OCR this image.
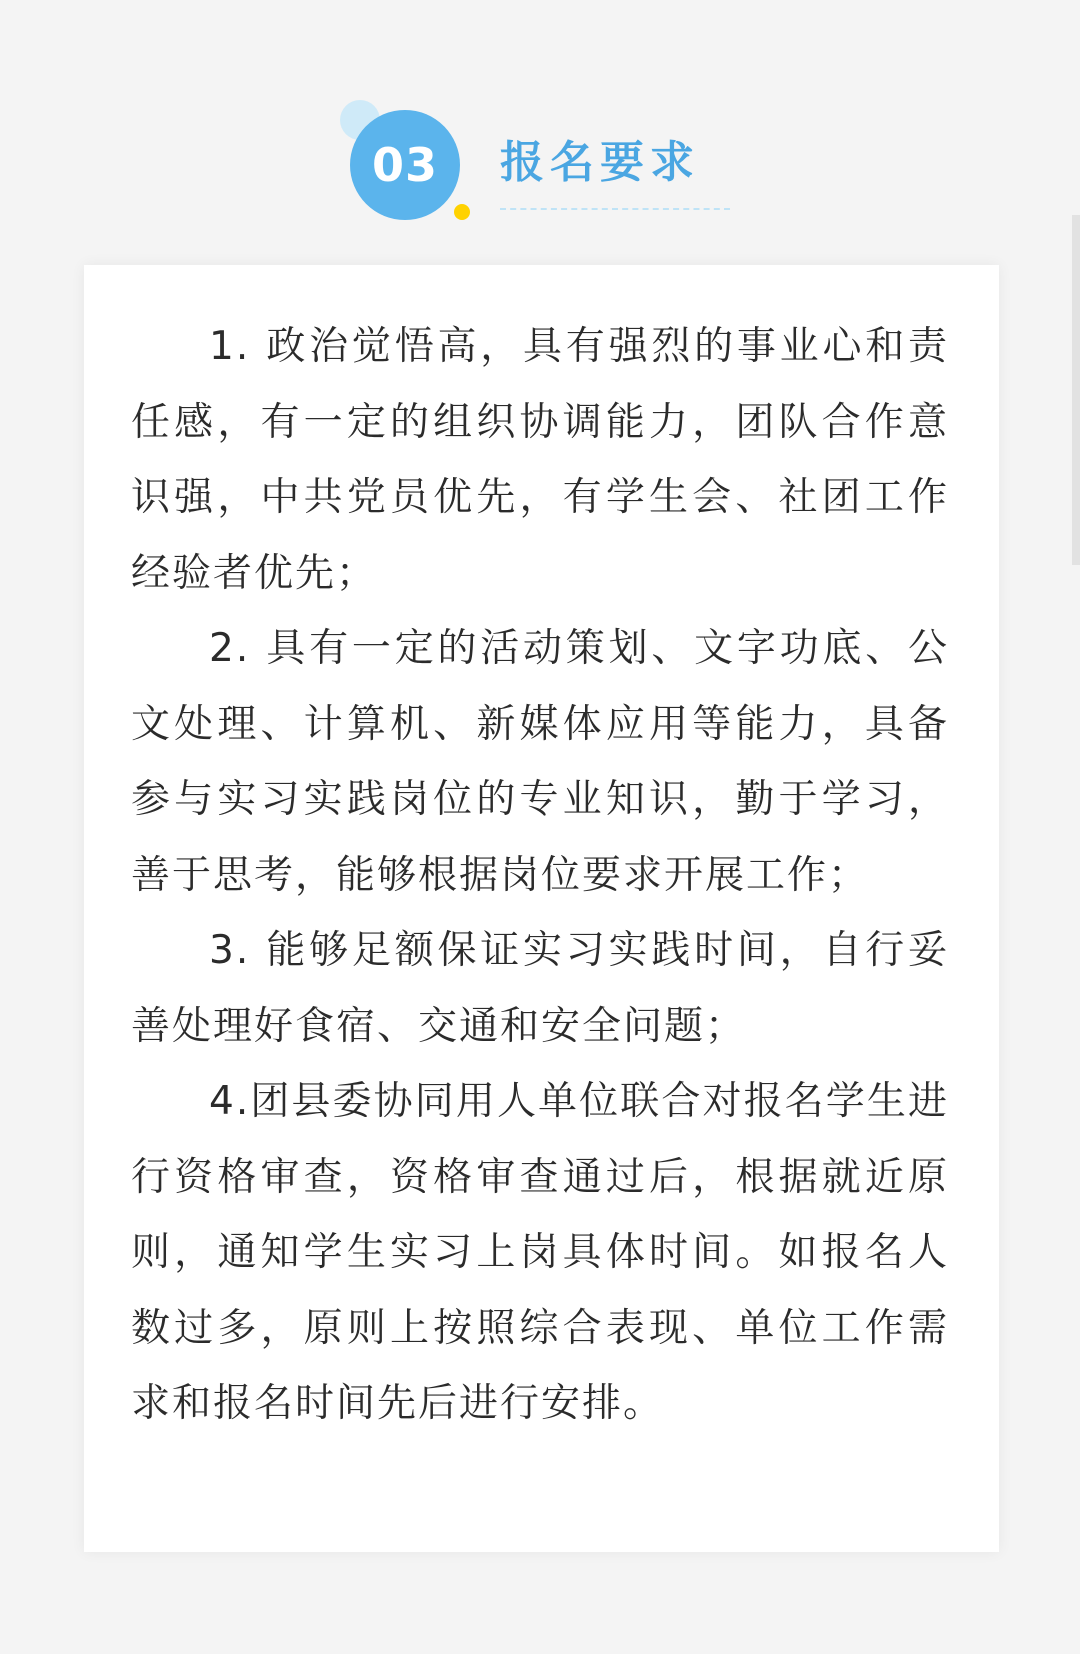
03	报名要求

1. 政治觉悟高，具有强烈的事业心和责任感，有一定的组织协调能力，团队合作意识强，中共党员优先，有学生会、社团工作经验者优先；

2. 具有一定的活动策划、文字功底、公文处理、计算机、新媒体应用等能力，具备参与实习实践岗位的专业知识，勤于学习，善于思考，能够根据岗位要求开展工作；

3. 能够足额保证实习实践时间，自行妥善处理好食宿、交通和安全问题；

4.团县委协同用人单位联合对报名学生进行资格审查，资格审查通过后，根据就近原则，通知学生实习上岗具体时间。如报名人数过多，原则上按照综合表现、单位工作需求和报名时间先后进行安排。
